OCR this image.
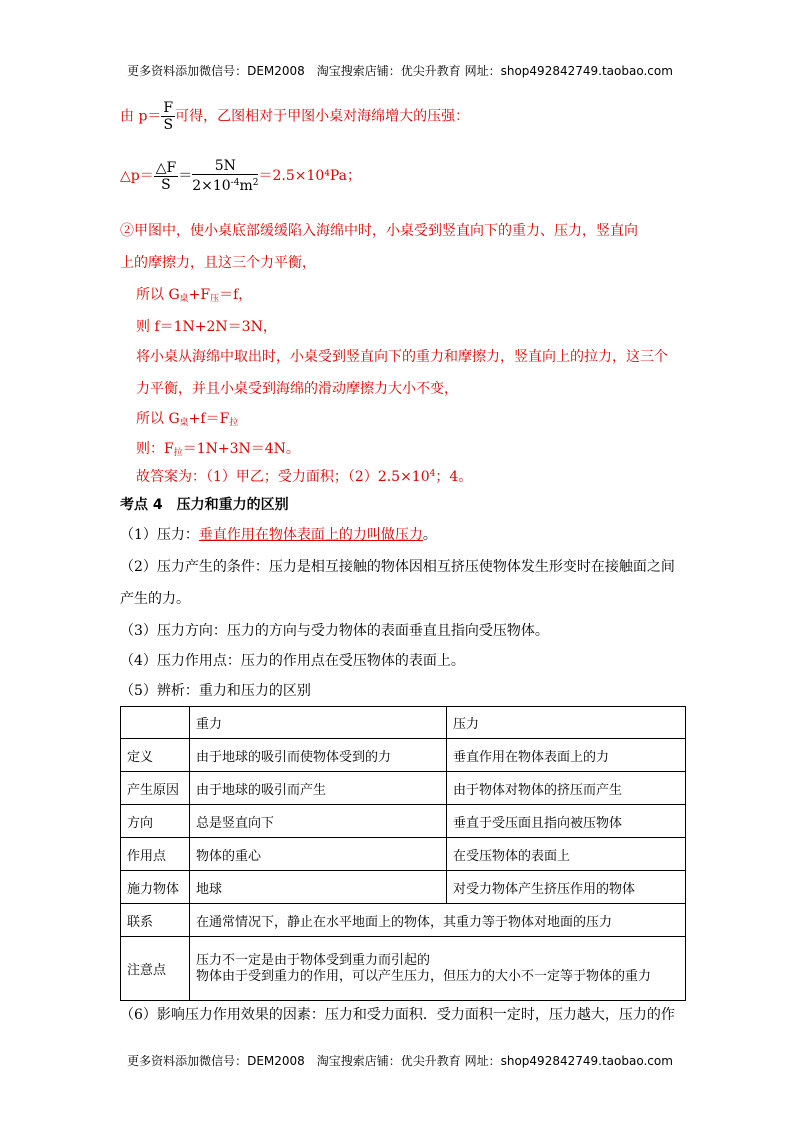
更多资料添加微信号：DEM2008　淘宝搜索店铺：优尖升教育 网址：shop492842749.taobao.com
由 $p= \frac{F}{S}$ 可得，乙图相对于甲图小桌对海绵增大的压强：
△p＝ $\frac{\triangle F}{S} = \frac{5N}{2\times 10^{-4}m^2} =2.5\times 10^4Pa$；
②甲图中，使小桌底部缓缓陷入海绵中时，小桌受到竖直向下的重力、压力，竖直向
上的摩擦力，且这三个力平衡，
所以 $G_桌+F_压=f$，
则 f＝1N+2N＝3N，
将小桌从海绵中取出时，小桌受到竖直向下的重力和摩擦力，竖直向上的拉力，这三个
力平衡，并且小桌受到海绵的滑动摩擦力大小不变，
所以 $G_桌+f=F_拉$
则：$F_拉=1N+3N=4N$。
故答案为：（1）甲乙；受力面积；$(2)2.5\times 10^4$；4。
考点 4　压力和重力的区别
（1）压力：垂直作用在物体表面上的力叫做压力。
（2）压力产生的条件：压力是相互接触的物体因相互挤压使物体发生形变时在接触面之间
产生的力。
（3）压力方向：压力的方向与受力物体的表面垂直且指向受压物体。
（4）压力作用点：压力的作用点在受压物体的表面上。
（5）辨析：重力和压力的区别
	重力	压力
定义	由于地球的吸引而使物体受到的力	垂直作用在物体表面上的力
产生原因	由于地球的吸引而产生	由于物体对物体的挤压而产生
方向	总是竖直向下	垂直于受压面且指向被压物体
作用点	物体的重心	在受压物体的表面上
施力物体	地球	对受力物体产生挤压作用的物体
联系	在通常情况下，静止在水平地面上的物体，其重力等于物体对地面的压力	
注意点	压力不一定是由于物体受到重力而引起的
物体由于受到重力的作用，可以产生压力，但压力的大小不一定等于物体的重力	
（6）影响压力作用效果的因素：压力和受力面积．受力面积一定时，压力越大，压力的作
更多资料添加微信号：DEM2008　淘宝搜索店铺：优尖升教育 网址：shop492842749.taobao.com
